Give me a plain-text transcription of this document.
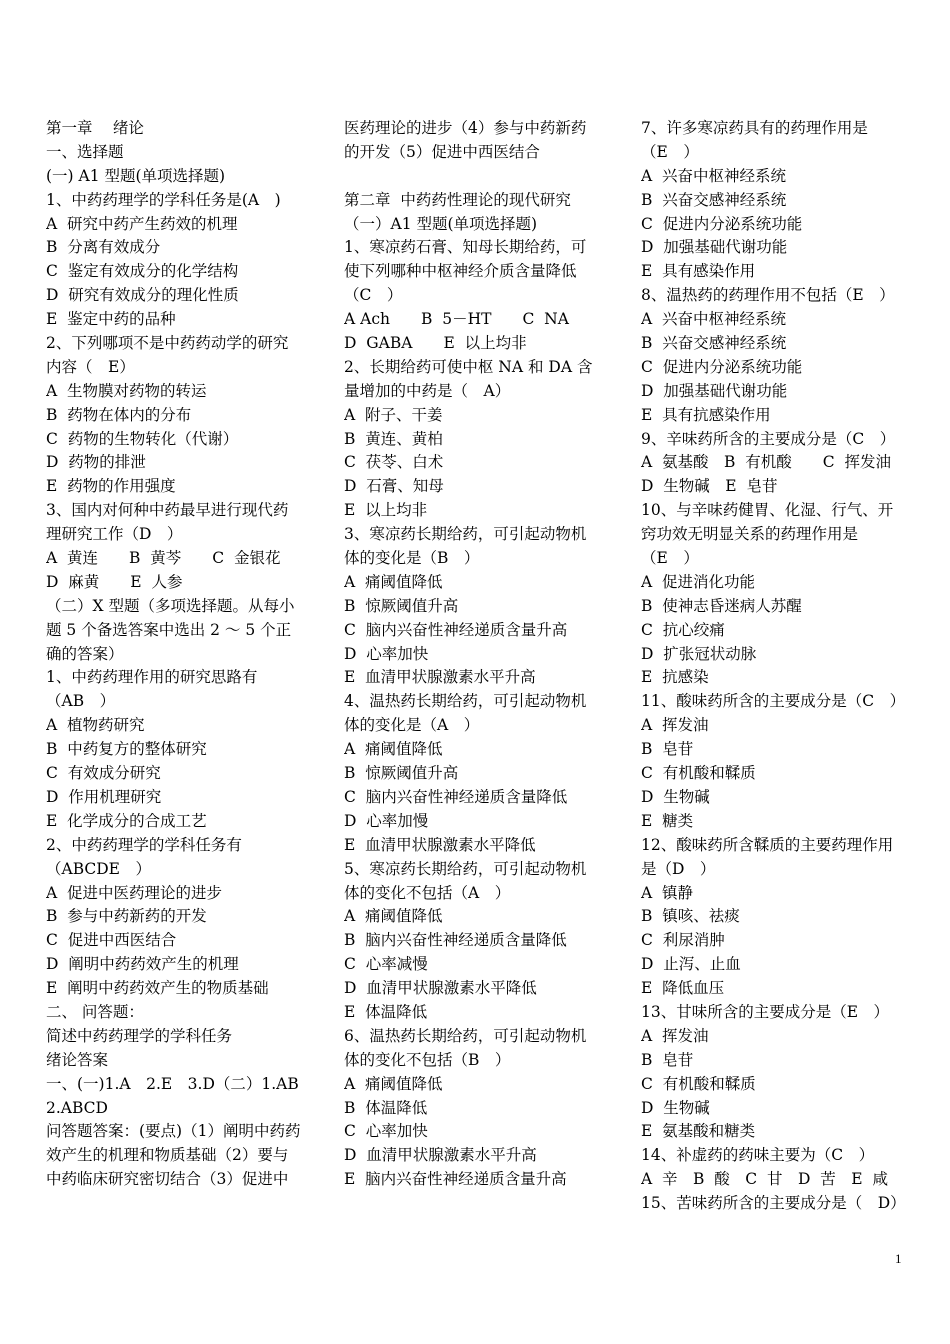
第一章　 绪论
一、选择题
(一) A1 型题(单项选择题)
1、中药药理学的学科任务是(A　)
A  研究中药产生药效的机理
B  分离有效成分
C  鉴定有效成分的化学结构
D  研究有效成分的理化性质
E  鉴定中药的品种
2、下列哪项不是中药药动学的研究
内容（　E）
A  生物膜对药物的转运
B  药物在体内的分布
C  药物的生物转化（代谢）
D  药物的排泄
E  药物的作用强度
3、国内对何种中药最早进行现代药
理研究工作（D　）
A  黄连　　B  黄芩　　C  金银花
D  麻黄　　E  人参
（二）X 型题（多项选择题。从每小
题 5 个备选答案中选出 2 ～ 5 个正
确的答案）
1、中药药理作用的研究思路有
（AB　）
A  植物药研究
B  中药复方的整体研究
C  有效成分研究
D  作用机理研究
E  化学成分的合成工艺
2、中药药理学的学科任务有
（ABCDE　）
A  促进中医药理论的进步
B  参与中药新药的开发
C  促进中西医结合
D  阐明中药药效产生的机理
E  阐明中药药效产生的物质基础
二、 问答题：
简述中药药理学的学科任务
绪论答案
一、(一)1.A　2.E　3.D（二）1.AB
2.ABCD
问答题答案：(要点)（1）阐明中药药
效产生的机理和物质基础（2）要与
中药临床研究密切结合（3）促进中
医药理论的进步（4）参与中药新药
的开发（5）促进中西医结合
第二章  中药药性理论的现代研究
（一）A1 型题(单项选择题)
1、寒凉药石膏、知母长期给药，可
使下列哪种中枢神经介质含量降低
（C　）
A Ach　　B  5－HT　　C  NA
D  GABA　　E  以上均非
2、长期给药可使中枢 NA 和 DA 含
量增加的中药是（　A）
A  附子、干姜
B  黄连、黄柏
C  茯苓、白术
D  石膏、知母
E  以上均非
3、寒凉药长期给药，可引起动物机
体的变化是（B　）
A  痛阈值降低
B  惊厥阈值升高
C  脑内兴奋性神经递质含量升高
D  心率加快
E  血清甲状腺激素水平升高
4、温热药长期给药，可引起动物机
体的变化是（A　）
A  痛阈值降低
B  惊厥阈值升高
C  脑内兴奋性神经递质含量降低
D  心率加慢
E  血清甲状腺激素水平降低
5、寒凉药长期给药，可引起动物机
体的变化不包括（A　）
A  痛阈值降低
B  脑内兴奋性神经递质含量降低
C  心率减慢
D  血清甲状腺激素水平降低
E  体温降低
6、温热药长期给药，可引起动物机
体的变化不包括（B　）
A  痛阈值降低
B  体温降低
C  心率加快
D  血清甲状腺激素水平升高
E  脑内兴奋性神经递质含量升高
7、许多寒凉药具有的药理作用是
（E　）
A  兴奋中枢神经系统
B  兴奋交感神经系统
C  促进内分泌系统功能
D  加强基础代谢功能
E  具有感染作用
8、温热药的药理作用不包括（E　）
A  兴奋中枢神经系统
B  兴奋交感神经系统
C  促进内分泌系统功能
D  加强基础代谢功能
E  具有抗感染作用
9、辛味药所含的主要成分是（C　）
A  氨基酸　B  有机酸　　C  挥发油
D  生物碱　E  皂苷
10、与辛味药健胃、化湿、行气、开
窍功效无明显关系的药理作用是
（E　）
A  促进消化功能
B  使神志昏迷病人苏醒
C  抗心绞痛
D  扩张冠状动脉
E  抗感染
11、酸味药所含的主要成分是（C　）
A  挥发油
B  皂苷
C  有机酸和鞣质
D  生物碱
E  糖类
12、酸味药所含鞣质的主要药理作用
是（D　）
A  镇静
B  镇咳、祛痰
C  利尿消肿
D  止泻、止血
E  降低血压
13、甘味所含的主要成分是（E　）
A  挥发油
B  皂苷
C  有机酸和鞣质
D  生物碱
E  氨基酸和糖类
14、补虚药的药味主要为（C　）
A  辛　B  酸　C  甘　D  苦　E  咸
15、苦味药所含的主要成分是（　D）
1
